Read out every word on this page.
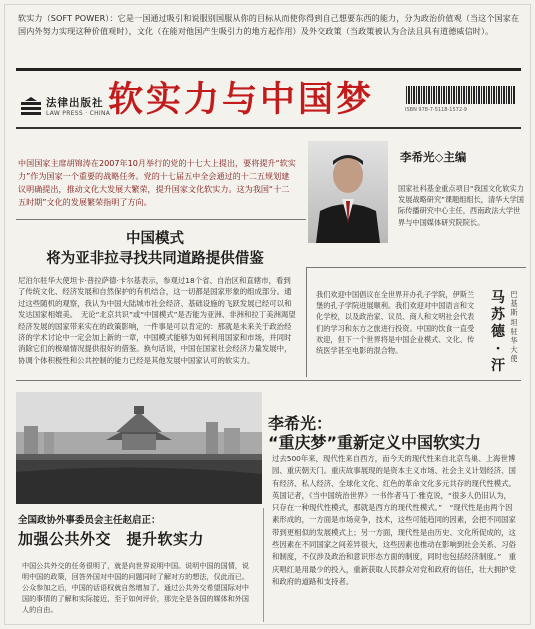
软实力（SOFT POWER）：它是一国通过吸引和说服别国服从你的目标从而使你得到自己想要东西的能力，分为政治价值观（当这个国家在国内外努力实现这种价值观时），文化（在能对他国产生吸引力的地方起作用）及外交政策（当政策被认为合法且具有道德威信时）。
法律出版社
LAW PRESS · CHINA
软实力与中国梦	ISBN 978-7-5118-1572-9
中国国家主席胡锦涛在2007年10月举行的党的十七大上提出，要将提升“软实力”作为国家一个重要的战略任务。党的十七届五中全会通过的十二五规划建议明确提出，推动文化大发展大繁荣，提升国家文化软实力。这为我国“十二五时期”文化的发展繁荣指明了方向。
中国模式
将为亚非拉寻找共同道路提供借鉴
尼泊尔驻华大使坦卡·普拉萨德·卡尔基表示，参观过18个省、自治区和直辖市，看到了传统文化、经济发展和自然保护的有机结合，这一切都是国家形象的组成部分。通过这些随机的观察，我认为中国大陆城市社会经济、基础设施的飞跃发展已经可以和发达国家相媲美。　无论“北京共识”或“中国模式”是否能为亚洲、非洲和拉丁美洲渴望经济发展的国家带来实在的政策影响，一件事是可以肯定的：那就是未来关于政治经济的学术讨论中一定会加上新的一章，中国模式能够为如何利用国家和市场，并同时消除它们的极端情况提供很好的借鉴。换句话说，中国在国家社会经济力量发展中，协调个体积极性和公共控制的能力已经是其他发展中国家认可的软实力。
李希光◇主编
国家社科基金重点项目“我国文化软实力发展战略研究”课题组组长，清华大学国际传播研究中心主任，西南政法大学世界与中国媒体研究院院长。
我们欢迎中国倡议在全世界开办孔子学院，伊斯兰堡的孔子学院进展顺利。我们欢迎对中国语言和文化学校，以及政治家、议员、商人和文明社会代表们的学习和东方之旅进行投资。中国的饮食一直受欢迎，但下一个世界将是中国企业模式、文化、传统医学甚至电影的混合物。
马苏德·汗
巴基斯坦驻华大使
李希光：
“重庆梦”重新定义中国软实力
过去500年来，现代性来自西方，而今天的现代性来自北京鸟巢、上海世博园、重庆朝天门。重庆故事展现的是资本主义市场、社会主义计划经济、国有经济、私人经济、全球化文化、红色的革命文化多元共存的现代性模式。英国记者，《当中国统治世界》一书作者马丁·雅克说，“很多人仍旧认为，只存在一种现代性模式，那就是西方的现代性模式。”　“现代性是由两个因素形成的，一方面是市场竞争，技术，这些可能趋同的因素，会把不同国家带到更相似的发展模式上；另一方面，现代性是由历史、文化所促成的，这些因素在不同国家之间差异很大，这些因素也推动在影响到社会关系、习俗和制度，不仅涉及政治和意识形态方面的制度，同时也包括经济制度。”　重庆唱红是用最少的投入，重新获取人民群众对党和政府的信任，壮大拥护党和政府的道路和支持者。
全国政协外事委员会主任赵启正：
加强公共外交　提升软实力
中国公共外交的任务很明了，就是向世界说明中国。说明中国的国情，说明中国的政策，回答外国对中国的问题同时了解对方的想法，仅此而已。公众参加之后，中国的话语权就自然增加了。通过公共外交希望国际对中国的事情的了解和实际接近，至于如何评价，那完全是各国的媒体和外国人的自由。
